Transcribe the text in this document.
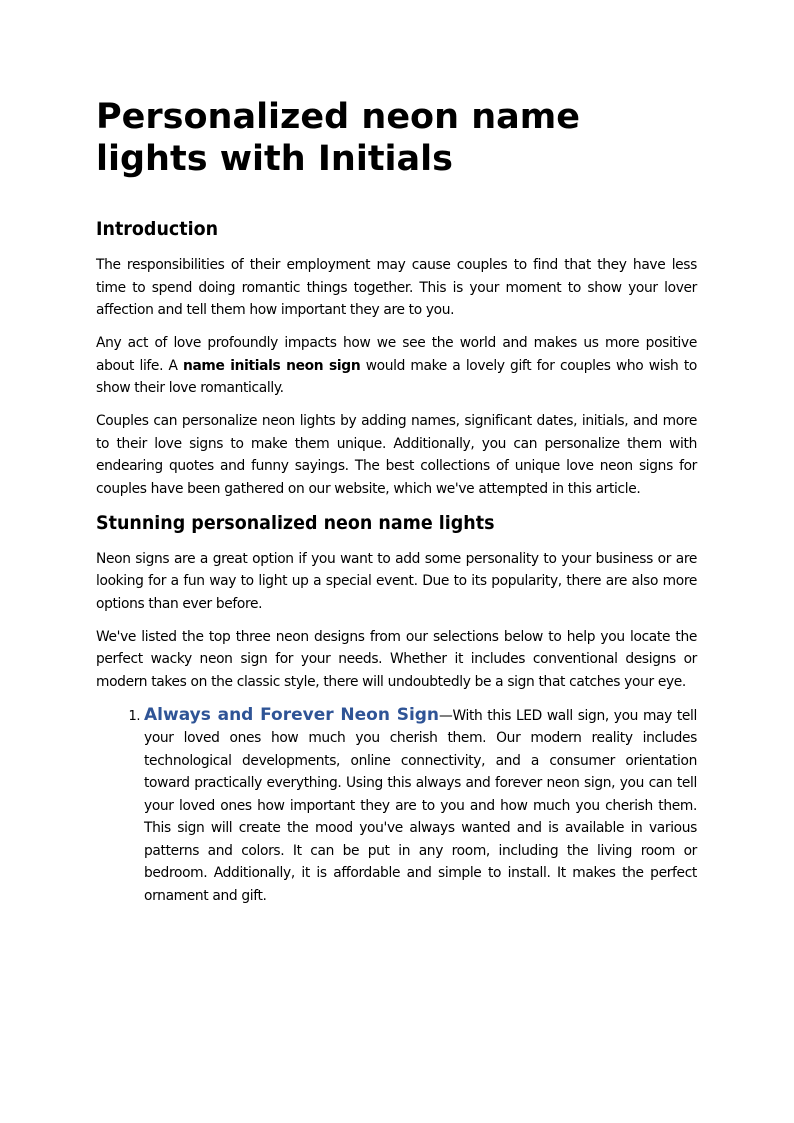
Personalized neon name lights with Initials
Introduction

The responsibilities of their employment may cause couples to find that they have less time to spend doing romantic things together. This is your moment to show your lover affection and tell them how important they are to you.

Any act of love profoundly impacts how we see the world and makes us more positive about life. A name initials neon sign would make a lovely gift for couples who wish to show their love romantically.

Couples can personalize neon lights by adding names, significant dates, initials, and more to their love signs to make them unique. Additionally, you can personalize them with endearing quotes and funny sayings. The best collections of unique love neon signs for couples have been gathered on our website, which we've attempted in this article.

Stunning personalized neon name lights

Neon signs are a great option if you want to add some personality to your business or are looking for a fun way to light up a special event. Due to its popularity, there are also more options than ever before.

We've listed the top three neon designs from our selections below to help you locate the perfect wacky neon sign for your needs. Whether it includes conventional designs or modern takes on the classic style, there will undoubtedly be a sign that catches your eye.

1. Always and Forever Neon Sign—With this LED wall sign, you may tell your loved ones how much you cherish them. Our modern reality includes technological developments, online connectivity, and a consumer orientation toward practically everything. Using this always and forever neon sign, you can tell your loved ones how important they are to you and how much you cherish them. This sign will create the mood you've always wanted and is available in various patterns and colors. It can be put in any room, including the living room or bedroom. Additionally, it is affordable and simple to install. It makes the perfect ornament and gift.
